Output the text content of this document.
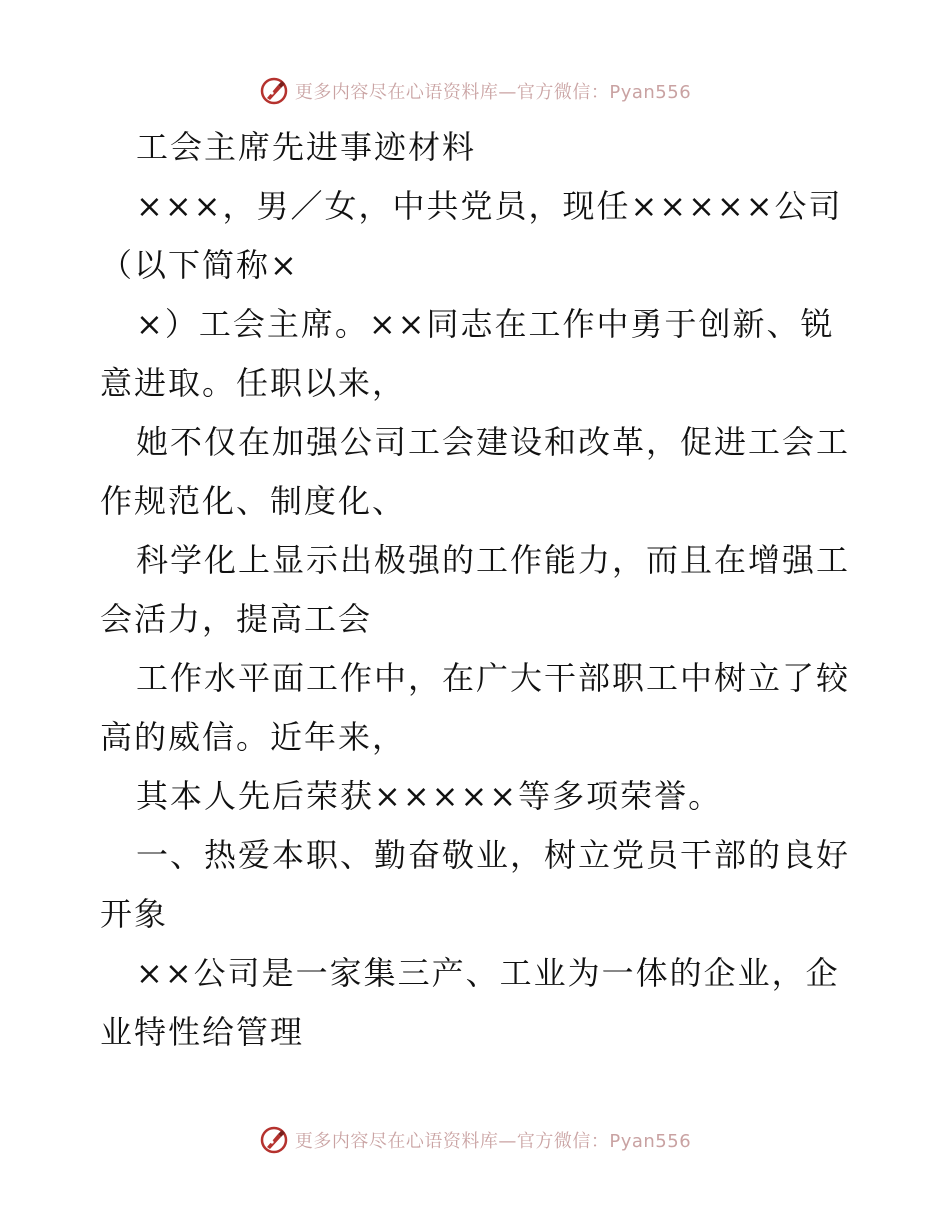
更多内容尽在心语资料库—官方微信：Pyan556

工会主席先进事迹材料

×××，男／女，中共党员，现任×××××公司（以下简称×

×）工会主席。××同志在工作中勇于创新、锐意进取。任职以来，

她不仅在加强公司工会建设和改革，促进工会工作规范化、制度化、

科学化上显示出极强的工作能力，而且在增强工会活力，提高工会

工作水平面工作中，在广大干部职工中树立了较高的威信。近年来，

其本人先后荣获×××××等多项荣誉。

一、热爱本职、勤奋敬业，树立党员干部的良好开象

××公司是一家集三产、工业为一体的企业，企业特性给管理

更多内容尽在心语资料库—官方微信：Pyan556
